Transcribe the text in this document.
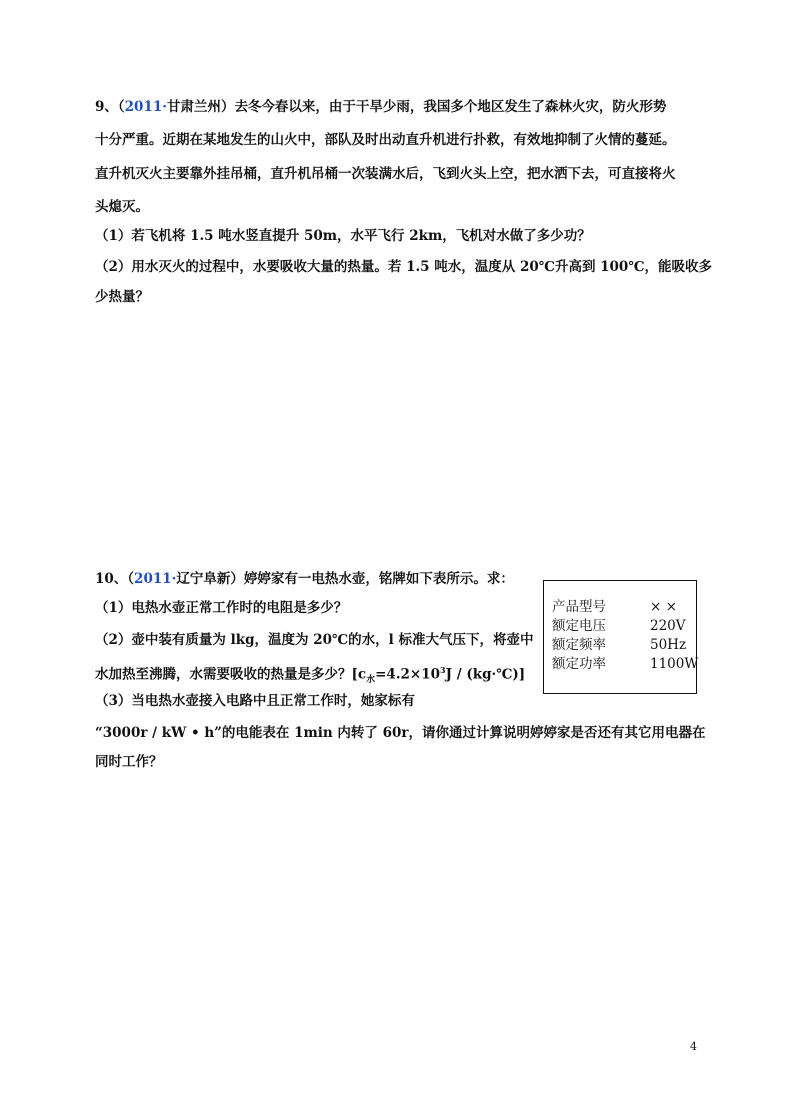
9、（2011·甘肃兰州）去冬今春以来，由于干旱少雨，我国多个地区发生了森林火灾，防火形势
十分严重。近期在某地发生的山火中，部队及时出动直升机进行扑救，有效地抑制了火情的蔓延。
直升机灭火主要靠外挂吊桶，直升机吊桶一次装满水后，飞到火头上空，把水洒下去，可直接将火
头熄灭。
（1）若飞机将 1.5 吨水竖直提升 50m，水平飞行 2km，飞机对水做了多少功？
（2）用水灭火的过程中，水要吸收大量的热量。若 1.5 吨水，温度从 20℃升高到 100℃，能吸收多
少热量？
10、（2011·辽宁阜新）婷婷家有一电热水壶，铭牌如下表所示。求：
（1）电热水壶正常工作时的电阻是多少？
（2）壶中装有质量为 lkg，温度为 20℃的水，l 标准大气压下，将壶中
水加热至沸腾，水需要吸收的热量是多少？[$c_水=4.2\times 10^3J$ / (kg·℃)]
（3）当电热水壶接入电路中且正常工作时，她家标有
“3000r / kW • h”的电能表在 1min 内转了 60r，请你通过计算说明婷婷家是否还有其它用电器在
同时工作？
产品型号	× ×
额定电压	220V
额定频率	50Hz
额定功率	1100W
4
